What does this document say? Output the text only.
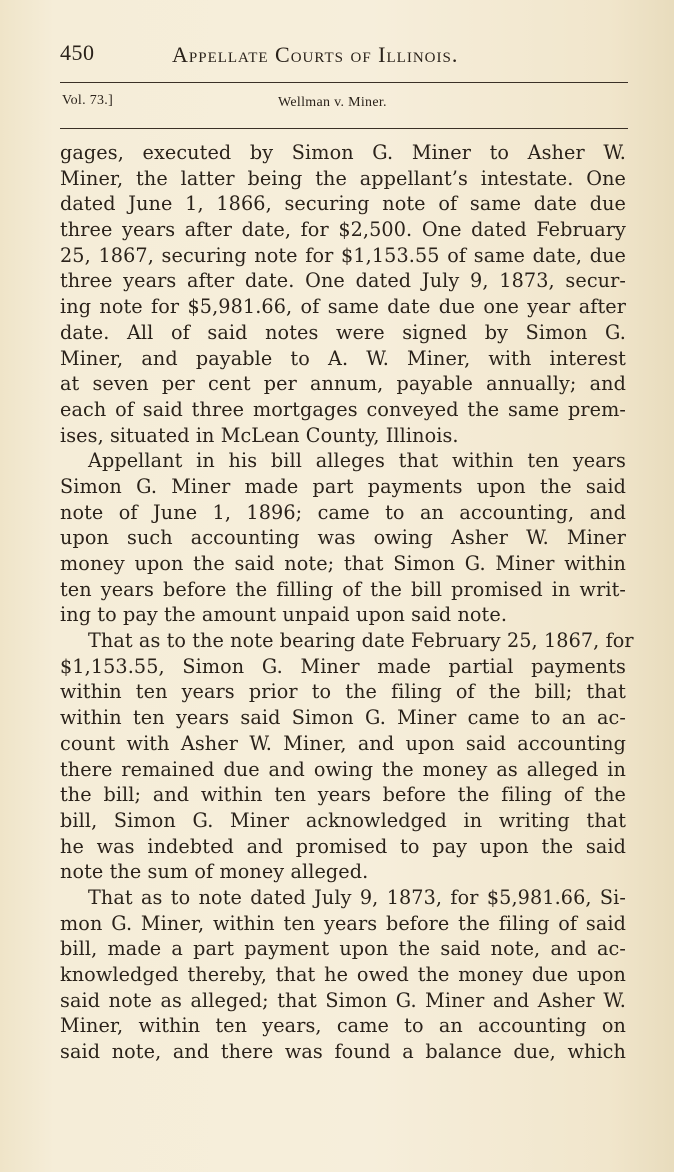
450	Appellate Courts of Illinois.
Vol. 73.]	Wellman v. Miner.
gages, executed by Simon G. Miner to Asher W.
Miner, the latter being the appellant’s intestate. One
dated June 1, 1866, securing note of same date due
three years after date, for $2,500. One dated February
25, 1867, securing note for $1,153.55 of same date, due
three years after date. One dated July 9, 1873, secur-
ing note for $5,981.66, of same date due one year after
date. All of said notes were signed by Simon G.
Miner, and payable to A. W. Miner, with interest
at seven per cent per annum, payable annually; and
each of said three mortgages conveyed the same prem-
ises, situated in McLean County, Illinois.
Appellant in his bill alleges that within ten years
Simon G. Miner made part payments upon the said
note of June 1, 1896; came to an accounting, and
upon such accounting was owing Asher W. Miner
money upon the said note; that Simon G. Miner within
ten years before the filling of the bill promised in writ-
ing to pay the amount unpaid upon said note.
That as to the note bearing date February 25, 1867, for
$1,153.55, Simon G. Miner made partial payments
within ten years prior to the filing of the bill; that
within ten years said Simon G. Miner came to an ac-
count with Asher W. Miner, and upon said accounting
there remained due and owing the money as alleged in
the bill; and within ten years before the filing of the
bill, Simon G. Miner acknowledged in writing that
he was indebted and promised to pay upon the said
note the sum of money alleged.
That as to note dated July 9, 1873, for $5,981.66, Si-
mon G. Miner, within ten years before the filing of said
bill, made a part payment upon the said note, and ac-
knowledged thereby, that he owed the money due upon
said note as alleged; that Simon G. Miner and Asher W.
Miner, within ten years, came to an accounting on
said note, and there was found a balance due, which
